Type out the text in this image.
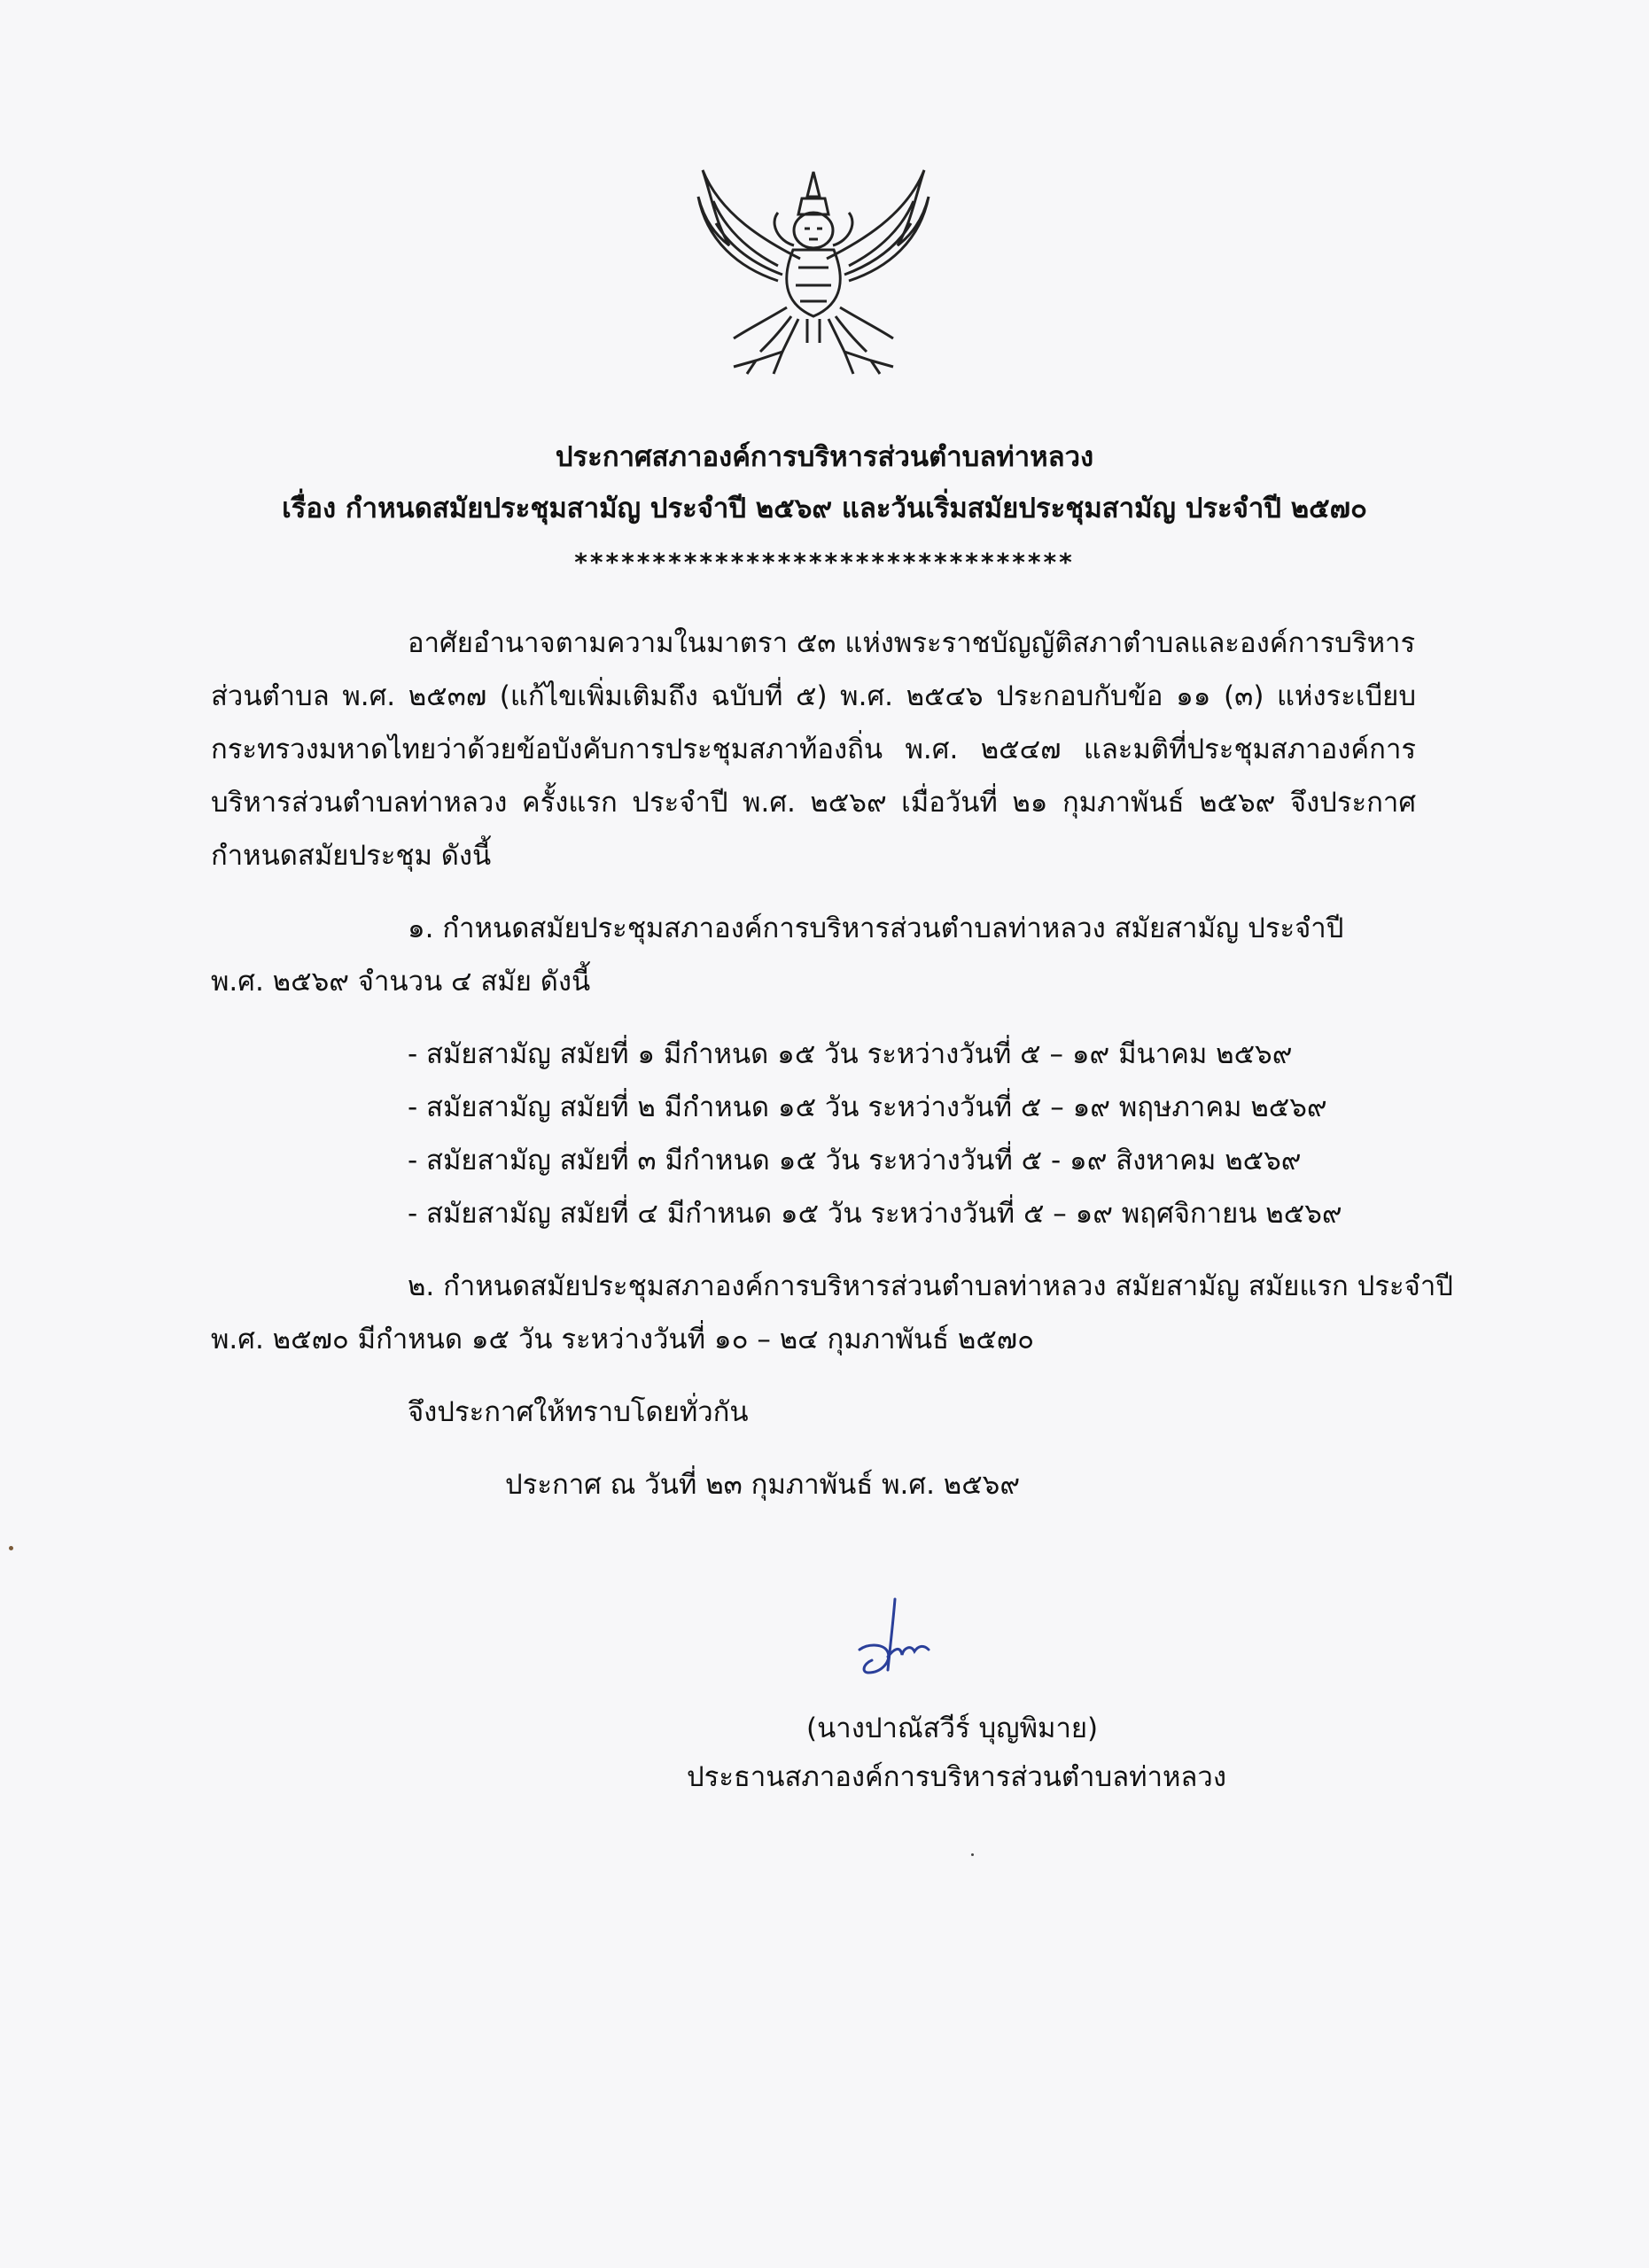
ประกาศสภาองค์การบริหารส่วนตำบลท่าหลวง
เรื่อง กำหนดสมัยประชุมสามัญ ประจำปี ๒๕๖๙ และวันเริ่มสมัยประชุมสามัญ ประจำปี ๒๕๗๐
********************************
อาศัยอำนาจตามความในมาตรา ๕๓ แห่งพระราชบัญญัติสภาตำบลและองค์การบริหาร
ส่วนตำบล พ.ศ. ๒๕๓๗ (แก้ไขเพิ่มเติมถึง ฉบับที่ ๕) พ.ศ. ๒๕๔๖ ประกอบกับข้อ ๑๑ (๓) แห่งระเบียบ
กระทรวงมหาดไทยว่าด้วยข้อบังคับการประชุมสภาท้องถิ่น พ.ศ. ๒๕๔๗ และมติที่ประชุมสภาองค์การ
บริหารส่วนตำบลท่าหลวง ครั้งแรก ประจำปี พ.ศ. ๒๕๖๙ เมื่อวันที่ ๒๑ กุมภาพันธ์ ๒๕๖๙ จึงประกาศ
กำหนดสมัยประชุม ดังนี้
๑. กำหนดสมัยประชุมสภาองค์การบริหารส่วนตำบลท่าหลวง สมัยสามัญ ประจำปี
พ.ศ. ๒๕๖๙ จำนวน ๔ สมัย ดังนี้
- สมัยสามัญ สมัยที่ ๑ มีกำหนด ๑๕ วัน ระหว่างวันที่ ๕ – ๑๙ มีนาคม ๒๕๖๙
- สมัยสามัญ สมัยที่ ๒ มีกำหนด ๑๕ วัน ระหว่างวันที่ ๕ – ๑๙ พฤษภาคม ๒๕๖๙
- สมัยสามัญ สมัยที่ ๓ มีกำหนด ๑๕ วัน ระหว่างวันที่ ๕ - ๑๙ สิงหาคม ๒๕๖๙
- สมัยสามัญ สมัยที่ ๔ มีกำหนด ๑๕ วัน ระหว่างวันที่ ๕ – ๑๙ พฤศจิกายน ๒๕๖๙
๒. กำหนดสมัยประชุมสภาองค์การบริหารส่วนตำบลท่าหลวง สมัยสามัญ สมัยแรก ประจำปี
พ.ศ. ๒๕๗๐ มีกำหนด ๑๕ วัน ระหว่างวันที่ ๑๐ – ๒๔ กุมภาพันธ์ ๒๕๗๐
จึงประกาศให้ทราบโดยทั่วกัน
ประกาศ ณ วันที่ ๒๓ กุมภาพันธ์ พ.ศ. ๒๕๖๙
(นางปาณัสวีร์ บุญพิมาย)
ประธานสภาองค์การบริหารส่วนตำบลท่าหลวง
